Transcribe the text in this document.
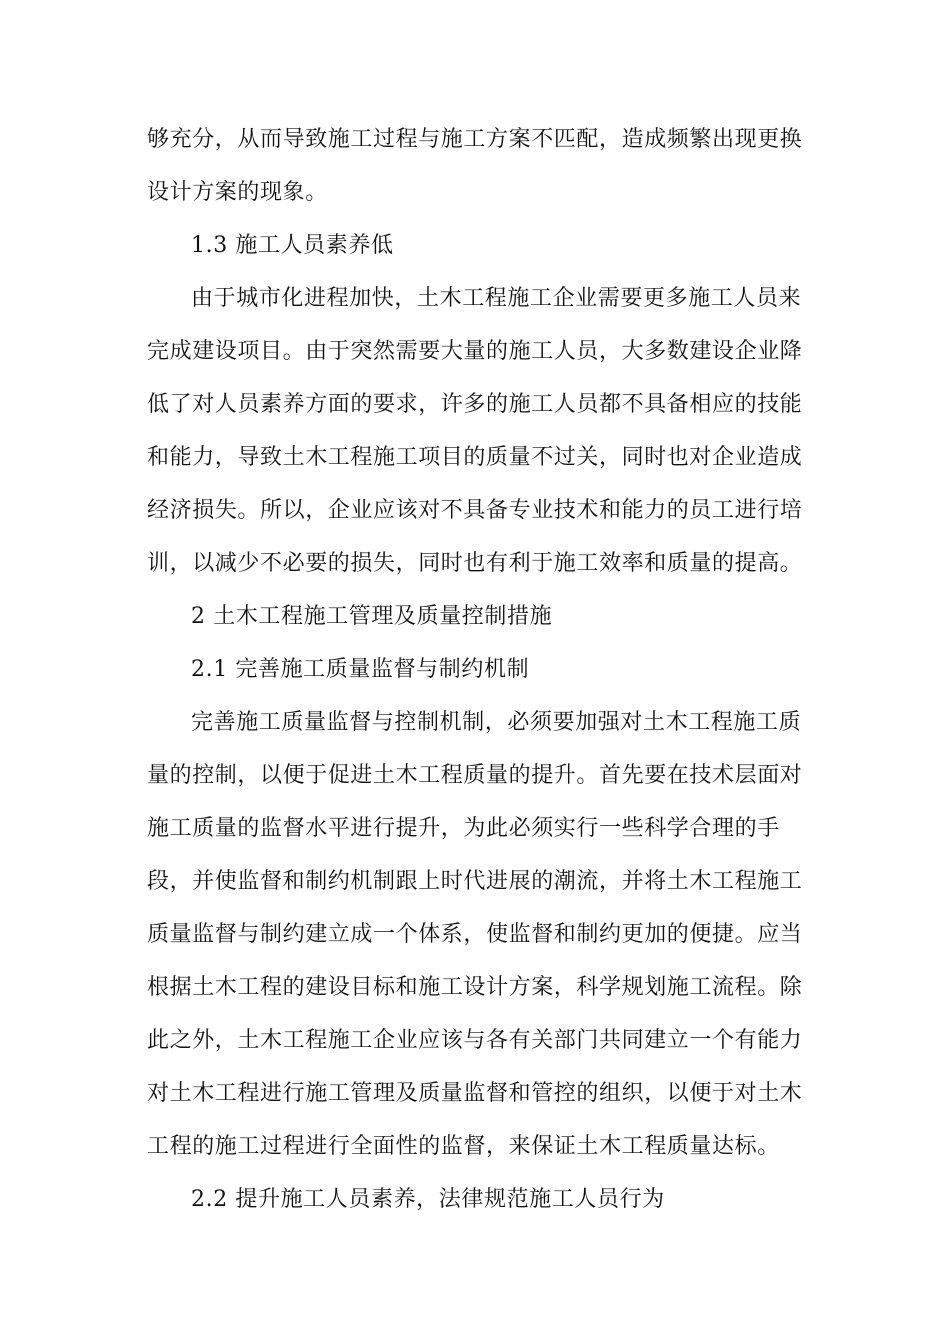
够充分，从而导致施工过程与施工方案不匹配，造成频繁出现更换
设计方案的现象。
1.3 施工人员素养低
由于城市化进程加快，土木工程施工企业需要更多施工人员来
完成建设项目。由于突然需要大量的施工人员，大多数建设企业降
低了对人员素养方面的要求，许多的施工人员都不具备相应的技能
和能力，导致土木工程施工项目的质量不过关，同时也对企业造成
经济损失。所以，企业应该对不具备专业技术和能力的员工进行培
训，以减少不必要的损失，同时也有利于施工效率和质量的提高。
2 土木工程施工管理及质量控制措施
2.1 完善施工质量监督与制约机制
完善施工质量监督与控制机制，必须要加强对土木工程施工质
量的控制，以便于促进土木工程质量的提升。首先要在技术层面对
施工质量的监督水平进行提升，为此必须实行一些科学合理的手
段，并使监督和制约机制跟上时代进展的潮流，并将土木工程施工
质量监督与制约建立成一个体系，使监督和制约更加的便捷。应当
根据土木工程的建设目标和施工设计方案，科学规划施工流程。除
此之外，土木工程施工企业应该与各有关部门共同建立一个有能力
对土木工程进行施工管理及质量监督和管控的组织，以便于对土木
工程的施工过程进行全面性的监督，来保证土木工程质量达标。
2.2 提升施工人员素养，法律规范施工人员行为
